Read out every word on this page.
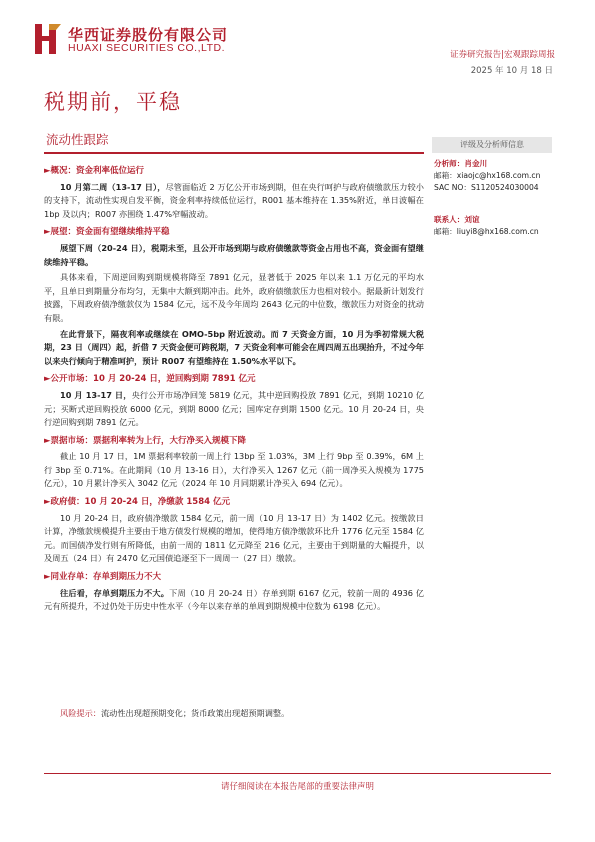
华西证券股份有限公司
HUAXI SECURITIES CO.,LTD.
证券研究报告|宏观跟踪周报
2025 年 10 月 18 日
税期前，平稳
流动性跟踪
►概况：资金利率低位运行
10 月第二周（13-17 日），尽管面临近 2 万亿公开市场到期，但在央行呵护与政府债缴款压力较小的支持下，流动性实现自发平衡，资金利率持续低位运行，R001 基本维持在 1.35%附近，单日波幅在 1bp 及以内；R007 亦围绕 1.47%窄幅波动。
►展望：资金面有望继续维持平稳
展望下周（20-24 日），税期未至，且公开市场到期与政府债缴款等资金占用也不高，资金面有望继续维持平稳。
具体来看，下周逆回购到期规模将降至 7891 亿元，显著低于 2025 年以来 1.1 万亿元的平均水平，且单日到期量分布均匀，无集中大额到期冲击。此外，政府债缴款压力也相对较小。据最新计划发行披露，下周政府债净缴款仅为 1584 亿元，远不及今年周均 2643 亿元的中位数，缴款压力对资金的扰动有限。
在此背景下，隔夜利率或继续在 OMO-5bp 附近波动。而 7 天资金方面，10 月为季初常规大税期，23 日（周四）起，折借 7 天资金便可跨税期，7 天资金利率可能会在周四周五出现抬升，不过今年以来央行倾向于精准呵护，预计 R007 有望维持在 1.50%水平以下。
►公开市场：10 月 20-24 日，逆回购到期 7891 亿元
10 月 13-17 日，央行公开市场净回笼 5819 亿元，其中逆回购投放 7891 亿元，到期 10210 亿元；买断式逆回购投放 6000 亿元，到期 8000 亿元；国库定存到期 1500 亿元。10 月 20-24 日，央行逆回购到期 7891 亿元。
►票据市场：票据利率转为上行，大行净买入规模下降
截止 10 月 17 日，1M 票据利率较前一周上行 13bp 至 1.03%，3M 上行 9bp 至 0.39%，6M 上行 3bp 至 0.71%。在此期间（10 月 13-16 日），大行净买入 1267 亿元（前一周净买入规模为 1775 亿元），10 月累计净买入 3042 亿元（2024 年 10 月同期累计净买入 694 亿元）。
►政府债：10 月 20-24 日，净缴款 1584 亿元
10 月 20-24 日，政府债净缴款 1584 亿元，前一周（10 月 13-17 日）为 1402 亿元。按缴款日计算，净缴款规模提升主要由于地方债发行规模的增加，使得地方债净缴款环比升 1776 亿元至 1584 亿元。而国债净发行则有所降低，由前一周的 1811 亿元降至 216 亿元，主要由于到期量的大幅提升，以及周五（24 日）有 2470 亿元国债追逐至下一周周一（27 日）缴款。
►同业存单：存单到期压力不大
往后看，存单到期压力不大。下周（10 月 20-24 日）存单到期 6167 亿元，较前一周的 4936 亿元有所提升，不过仍处于历史中性水平（今年以来存单的单周到期规模中位数为 6198 亿元）。
评级及分析师信息
分析师：肖金川
邮箱：xiaojc@hx168.com.cn
SAC NO：S1120524030004
联系人：刘谊
邮箱：liuyi8@hx168.com.cn
风险提示：流动性出现超预期变化；货币政策出现超预期调整。
请仔细阅读在本报告尾部的重要法律声明
